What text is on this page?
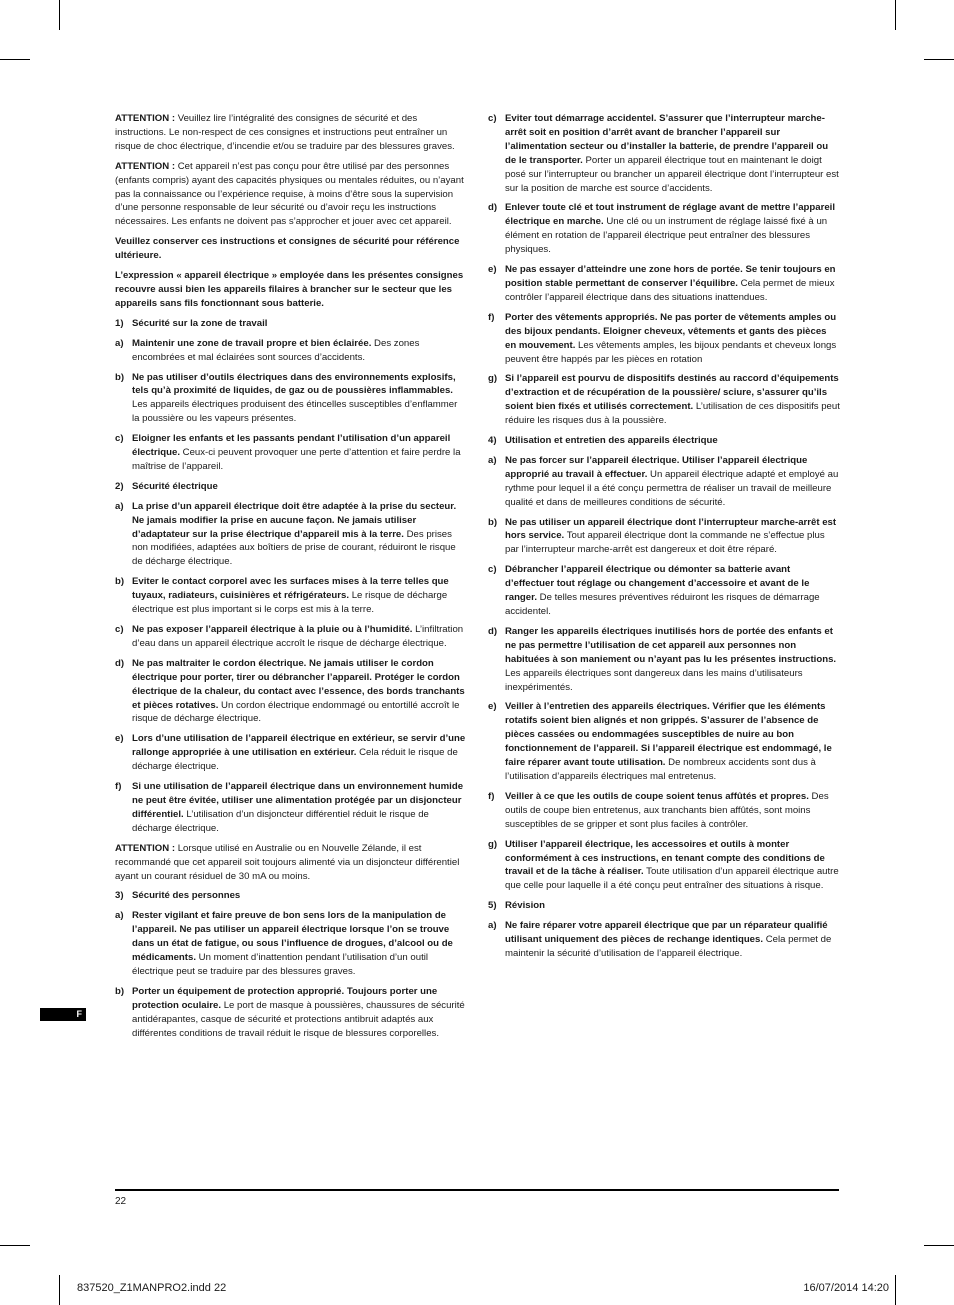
F

ATTENTION : Veuillez lire l’intégralité des consignes de sécurité et des instructions. Le non-respect de ces consignes et instructions peut entraîner un risque de choc électrique, d’incendie et/ou se traduire par des blessures graves.

ATTENTION : Cet appareil n’est pas conçu pour être utilisé par des personnes (enfants compris) ayant des capacités physiques ou mentales réduites, ou n’ayant pas la connaissance ou l’expérience requise, à moins d’être sous la supervision d’une personne responsable de leur sécurité ou d’avoir reçu les instructions nécessaires. Les enfants ne doivent pas s’approcher et jouer avec cet appareil.

Veuillez conserver ces instructions et consignes de sécurité pour référence ultérieure.

L’expression « appareil électrique » employée dans les présentes consignes recouvre aussi bien les appareils filaires à brancher sur le secteur que les appareils sans fils fonctionnant sous batterie.

1) Sécurité sur la zone de travail
a) Maintenir une zone de travail propre et bien éclairée. Des zones encombrées et mal éclairées sont sources d’accidents.
b) Ne pas utiliser d’outils électriques dans des environnements explosifs, tels qu’à proximité de liquides, de gaz ou de poussières inflammables. Les appareils électriques produisent des étincelles susceptibles d’enflammer la poussière ou les vapeurs présentes.
c) Eloigner les enfants et les passants pendant l’utilisation d’un appareil électrique. Ceux-ci peuvent provoquer une perte d’attention et faire perdre la maîtrise de l’appareil.
2) Sécurité électrique
a) La prise d’un appareil électrique doit être adaptée à la prise du secteur. Ne jamais modifier la prise en aucune façon. Ne jamais utiliser d’adaptateur sur la prise électrique d’appareil mis à la terre. Des prises non modifiées, adaptées aux boîtiers de prise de courant, réduiront le risque de décharge électrique.
b) Eviter le contact corporel avec les surfaces mises à la terre telles que tuyaux, radiateurs, cuisinières et réfrigérateurs. Le risque de décharge électrique est plus important si le corps est mis à la terre.
c) Ne pas exposer l’appareil électrique à la pluie ou à l’humidité. L’infiltration d’eau dans un appareil électrique accroît le risque de décharge électrique.
d) Ne pas maltraiter le cordon électrique. Ne jamais utiliser le cordon électrique pour porter, tirer ou débrancher l’appareil. Protéger le cordon électrique de la chaleur, du contact avec l’essence, des bords tranchants et pièces rotatives. Un cordon électrique endommagé ou entortillé accroît le risque de décharge électrique.
e) Lors d’une utilisation de l’appareil électrique en extérieur, se servir d’une rallonge appropriée à une utilisation en extérieur. Cela réduit le risque de décharge électrique.
f)	Si une utilisation de l’appareil électrique dans un environnement humide ne peut être évitée, utiliser une alimentation protégée par un disjoncteur différentiel. L’utilisation d’un disjoncteur différentiel réduit le risque de décharge électrique.

ATTENTION : Lorsque utilisé en Australie ou en Nouvelle Zélande, il est recommandé que cet appareil soit toujours alimenté via un disjoncteur différentiel ayant un courant résiduel de 30 mA ou moins.

3) Sécurité des personnes
a) Rester vigilant et faire preuve de bon sens lors de la manipulation de l’appareil. Ne pas utiliser un appareil électrique lorsque l’on se trouve dans un état de fatigue, ou sous l’influence de drogues, d’alcool ou de médicaments. Un moment d’inattention pendant l’utilisation d’un outil électrique peut se traduire par des blessures graves.
b) Porter un équipement de protection approprié. Toujours porter une protection oculaire. Le port de masque à poussières, chaussures de sécurité antidérapantes, casque de sécurité et protections antibruit adaptés aux différentes conditions de travail réduit le risque de blessures corporelles.
c) Eviter tout démarrage accidentel. S’assurer que l’interrupteur marche-arrêt soit en position d’arrêt avant de brancher l’appareil sur l’alimentation secteur ou d’installer la batterie, de prendre l’appareil ou de le transporter. Porter un appareil électrique tout en maintenant le doigt posé sur l’interrupteur ou brancher un appareil électrique dont l’interrupteur est sur la position de marche est source d’accidents.
d) Enlever toute clé et tout instrument de réglage avant de mettre l’appareil électrique en marche. Une clé ou un instrument de réglage laissé fixé à un élément en rotation de l’appareil électrique peut entraîner des blessures physiques.
e) Ne pas essayer d’atteindre une zone hors de portée. Se tenir toujours en position stable permettant de conserver l’équilibre. Cela permet de mieux contrôler l’appareil électrique dans des situations inattendues.
f)	Porter des vêtements appropriés. Ne pas porter de vêtements amples ou des bijoux pendants. Eloigner cheveux, vêtements et gants des pièces en mouvement. Les vêtements amples, les bijoux pendants et cheveux longs peuvent être happés par les pièces en rotation
g) Si l’appareil est pourvu de dispositifs destinés au raccord d’équipements d’extraction et de récupération de la poussière/ sciure, s’assurer qu’ils soient bien fixés et utilisés correctement. L’utilisation de ces dispositifs peut réduire les risques dus à la poussière.
4) Utilisation et entretien des appareils électrique
a) Ne pas forcer sur l’appareil électrique. Utiliser l’appareil électrique approprié au travail à effectuer. Un appareil électrique adapté et employé au rythme pour lequel il a été conçu permettra de réaliser un travail de meilleure qualité et dans de meilleures conditions de sécurité.
b) Ne pas utiliser un appareil électrique dont l’interrupteur marche-arrêt est hors service. Tout appareil électrique dont la commande ne s’effectue plus par l’interrupteur marche-arrêt est dangereux et doit être réparé.
c) Débrancher l’appareil électrique ou démonter sa batterie avant d’effectuer tout réglage ou changement d’accessoire et avant de le ranger. De telles mesures préventives réduiront les risques de démarrage accidentel.
d) Ranger les appareils électriques inutilisés hors de portée des enfants et ne pas permettre l’utilisation de cet appareil aux personnes non habituées à son maniement ou n’ayant pas lu les présentes instructions. Les appareils électriques sont dangereux dans les mains d’utilisateurs inexpérimentés.
e) Veiller à l’entretien des appareils électriques. Vérifier que les éléments rotatifs soient bien alignés et non grippés. S’assurer de l’absence de pièces cassées ou endommagées susceptibles de nuire au bon fonctionnement de l’appareil. Si l’appareil électrique est endommagé, le faire réparer avant toute utilisation. De nombreux accidents sont dus à l’utilisation d’appareils électriques mal entretenus.
f)	Veiller à ce que les outils de coupe soient tenus affûtés et propres. Des outils de coupe bien entretenus, aux tranchants bien affûtés, sont moins susceptibles de se gripper et sont plus faciles à contrôler.
g) Utiliser l’appareil électrique, les accessoires et outils à monter conformément à ces instructions, en tenant compte des conditions de travail et de la tâche à réaliser. Toute utilisation d’un appareil électrique autre que celle pour laquelle il a été conçu peut entraîner des situations à risque.
5) Révision
a) Ne faire réparer votre appareil électrique que par un réparateur qualifié utilisant uniquement des pièces de rechange identiques. Cela permet de maintenir la sécurité d’utilisation de l’appareil électrique.
22
837520_Z1MANPRO2.indd 22	16/07/2014 14:20
